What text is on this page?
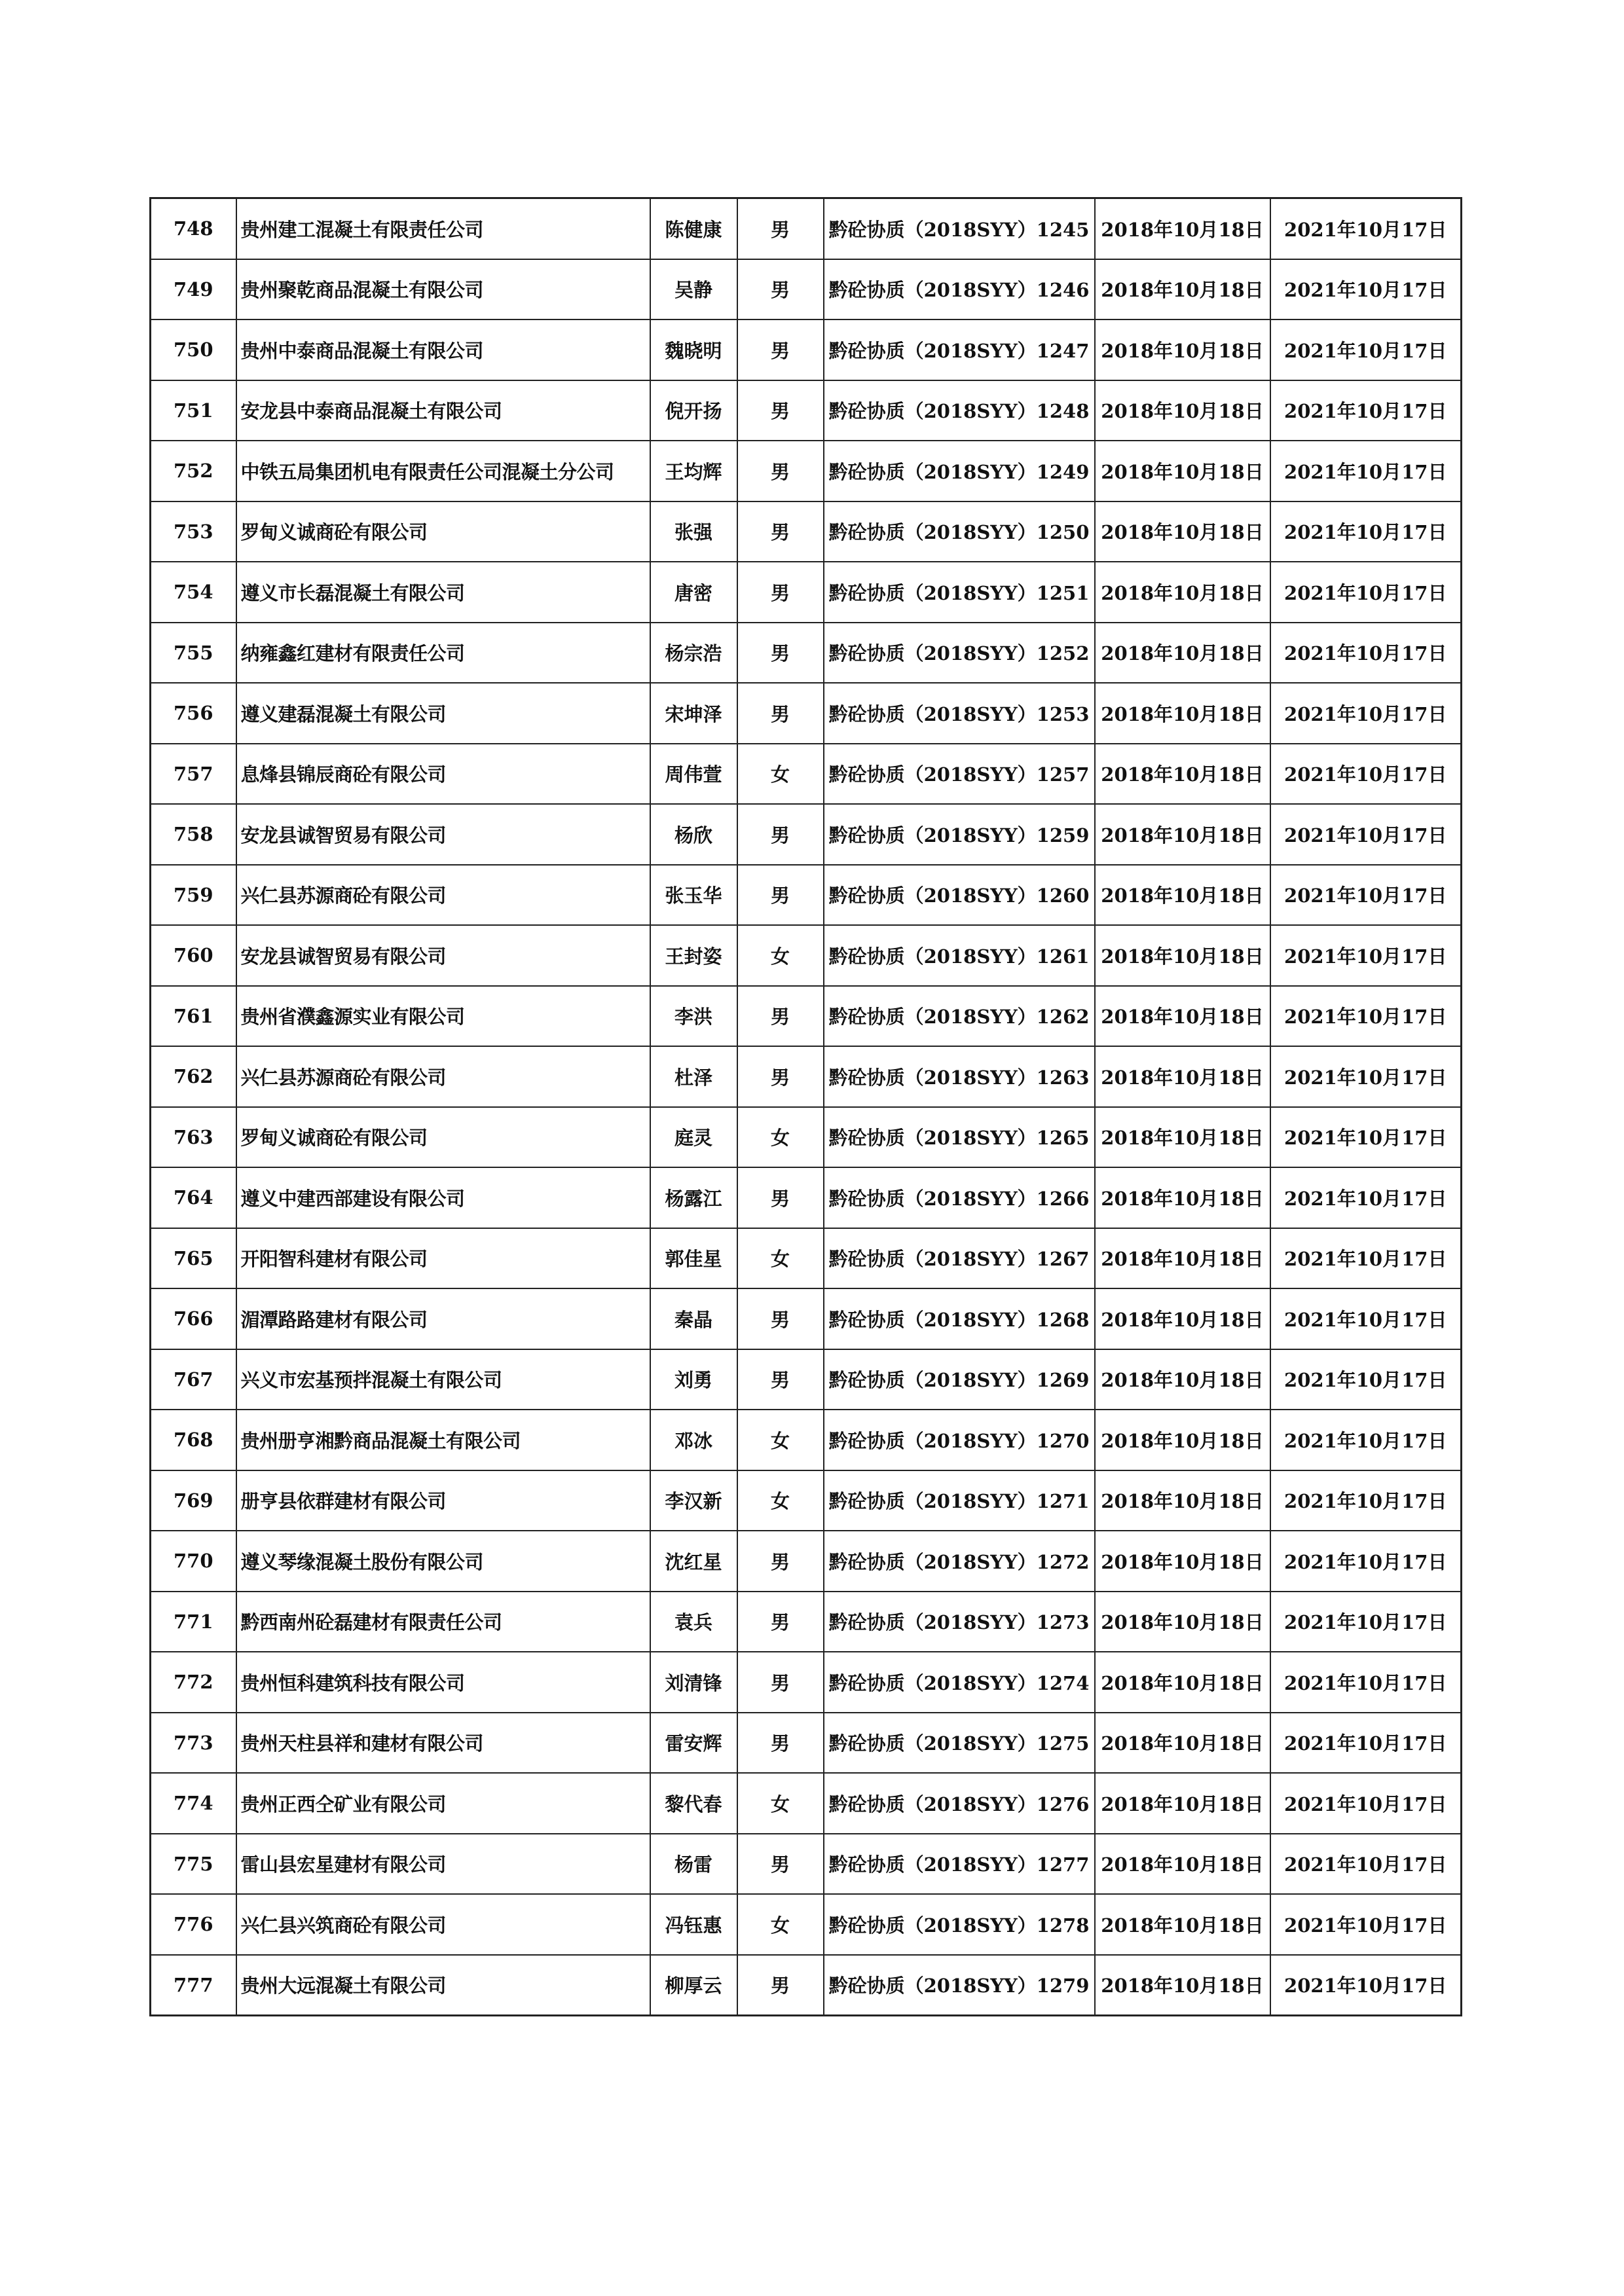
748	贵州建工混凝土有限责任公司	陈健康	男	黔砼协质（2018SYY）1245	2018年10月18日	2021年10月17日
749	贵州聚乾商品混凝土有限公司	吴静	男	黔砼协质（2018SYY）1246	2018年10月18日	2021年10月17日
750	贵州中泰商品混凝土有限公司	魏晓明	男	黔砼协质（2018SYY）1247	2018年10月18日	2021年10月17日
751	安龙县中泰商品混凝土有限公司	倪开扬	男	黔砼协质（2018SYY）1248	2018年10月18日	2021年10月17日
752	中铁五局集团机电有限责任公司混凝土分公司	王均辉	男	黔砼协质（2018SYY）1249	2018年10月18日	2021年10月17日
753	罗甸义诚商砼有限公司	张强	男	黔砼协质（2018SYY）1250	2018年10月18日	2021年10月17日
754	遵义市长磊混凝土有限公司	唐密	男	黔砼协质（2018SYY）1251	2018年10月18日	2021年10月17日
755	纳雍鑫红建材有限责任公司	杨宗浩	男	黔砼协质（2018SYY）1252	2018年10月18日	2021年10月17日
756	遵义建磊混凝土有限公司	宋坤泽	男	黔砼协质（2018SYY）1253	2018年10月18日	2021年10月17日
757	息烽县锦辰商砼有限公司	周伟萱	女	黔砼协质（2018SYY）1257	2018年10月18日	2021年10月17日
758	安龙县诚智贸易有限公司	杨欣	男	黔砼协质（2018SYY）1259	2018年10月18日	2021年10月17日
759	兴仁县苏源商砼有限公司	张玉华	男	黔砼协质（2018SYY）1260	2018年10月18日	2021年10月17日
760	安龙县诚智贸易有限公司	王封姿	女	黔砼协质（2018SYY）1261	2018年10月18日	2021年10月17日
761	贵州省濮鑫源实业有限公司	李洪	男	黔砼协质（2018SYY）1262	2018年10月18日	2021年10月17日
762	兴仁县苏源商砼有限公司	杜泽	男	黔砼协质（2018SYY）1263	2018年10月18日	2021年10月17日
763	罗甸义诚商砼有限公司	庭灵	女	黔砼协质（2018SYY）1265	2018年10月18日	2021年10月17日
764	遵义中建西部建设有限公司	杨露江	男	黔砼协质（2018SYY）1266	2018年10月18日	2021年10月17日
765	开阳智科建材有限公司	郭佳星	女	黔砼协质（2018SYY）1267	2018年10月18日	2021年10月17日
766	湄潭路路建材有限公司	秦晶	男	黔砼协质（2018SYY）1268	2018年10月18日	2021年10月17日
767	兴义市宏基预拌混凝土有限公司	刘勇	男	黔砼协质（2018SYY）1269	2018年10月18日	2021年10月17日
768	贵州册亨湘黔商品混凝土有限公司	邓冰	女	黔砼协质（2018SYY）1270	2018年10月18日	2021年10月17日
769	册亨县依群建材有限公司	李汉新	女	黔砼协质（2018SYY）1271	2018年10月18日	2021年10月17日
770	遵义琴缘混凝土股份有限公司	沈红星	男	黔砼协质（2018SYY）1272	2018年10月18日	2021年10月17日
771	黔西南州砼磊建材有限责任公司	袁兵	男	黔砼协质（2018SYY）1273	2018年10月18日	2021年10月17日
772	贵州恒科建筑科技有限公司	刘清锋	男	黔砼协质（2018SYY）1274	2018年10月18日	2021年10月17日
773	贵州天柱县祥和建材有限公司	雷安辉	男	黔砼协质（2018SYY）1275	2018年10月18日	2021年10月17日
774	贵州正西仝矿业有限公司	黎代春	女	黔砼协质（2018SYY）1276	2018年10月18日	2021年10月17日
775	雷山县宏星建材有限公司	杨雷	男	黔砼协质（2018SYY）1277	2018年10月18日	2021年10月17日
776	兴仁县兴筑商砼有限公司	冯钰惠	女	黔砼协质（2018SYY）1278	2018年10月18日	2021年10月17日
777	贵州大远混凝土有限公司	柳厚云	男	黔砼协质（2018SYY）1279	2018年10月18日	2021年10月17日
